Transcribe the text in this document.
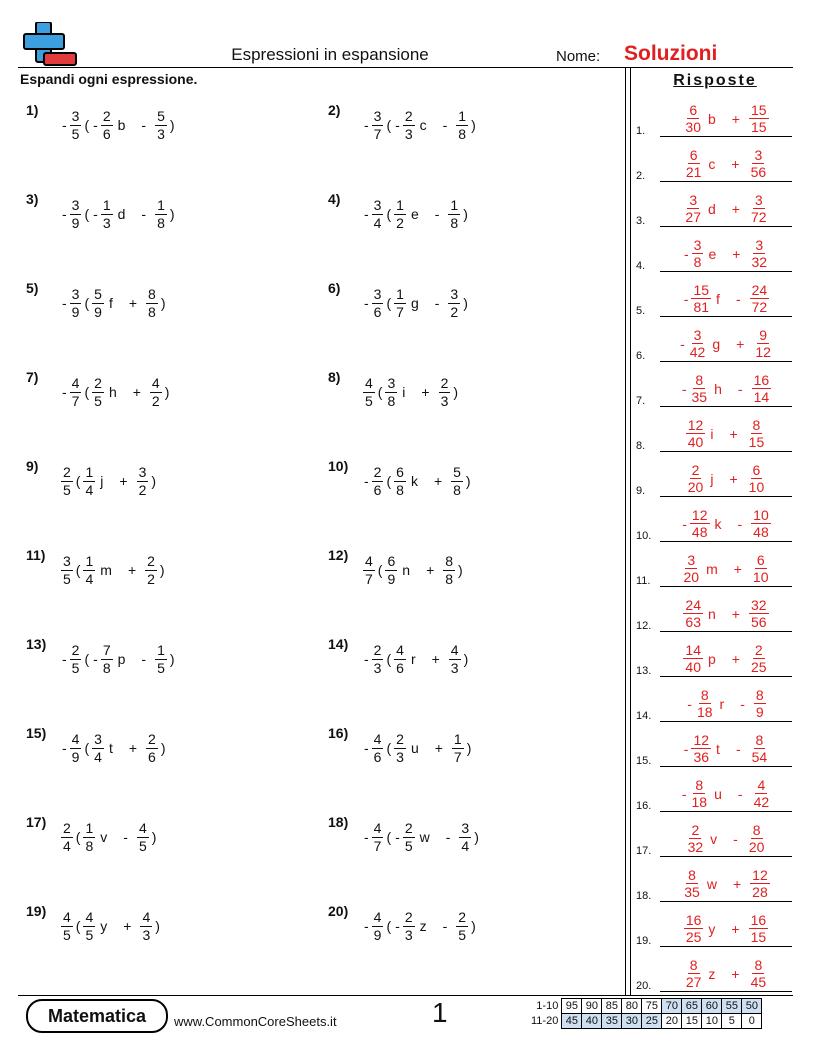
Espressioni in espansione	Nome: Soluzioni
Espandi ogni espressione.	Risposte
1)
- $\frac{3}{5}$ ( - $\frac{2}{6}$ b - $\frac{5}{3}$ )
2)
- $\frac{3}{7}$ ( - $\frac{2}{3}$ c - $\frac{1}{8}$ )
3)
- $\frac{3}{9}$ ( - $\frac{1}{3}$ d - $\frac{1}{8}$ )
4)
- $\frac{3}{4}$ ( $\frac{1}{2}$ e - $\frac{1}{8}$ )
5)
- $\frac{3}{9}$ ( $\frac{5}{9}$ $f + \frac{8}{8}$ )
6)
- $\frac{3}{6}$ ( $\frac{1}{7}$ g - $\frac{3}{2}$ )
7)
- $\frac{4}{7}$ ( $\frac{2}{5}$ $h + \frac{4}{2}$ )
8)	$\frac{4}{5}$ ( $\frac{3}{8}$ $i + \frac{2}{3}$ )
9)	$\frac{2}{5}$ ( $\frac{1}{4}$ $j + \frac{3}{2}$ )
10)
- $\frac{2}{6}$ ( $\frac{6}{8}$ $k + \frac{5}{8}$ )
11)	$\frac{3}{5}$ ( $\frac{1}{4}$ $m + \frac{2}{2}$ )
12)	$\frac{4}{7}$ ( $\frac{6}{9}$ $n + \frac{8}{8}$ )
13)
- $\frac{2}{5}$ ( - $\frac{7}{8}$ p - $\frac{1}{5}$ )
14)
- $\frac{2}{3}$ ( $\frac{4}{6}$ $r + \frac{4}{3}$ )
15)
- $\frac{4}{9}$ ( $\frac{3}{4}$ $t + \frac{2}{6}$ )
16)
- $\frac{4}{6}$ ( $\frac{2}{3}$ $u + \frac{1}{7}$ )
17)	$\frac{2}{4}$ ( $\frac{1}{8}$ v - $\frac{4}{5}$ )
18)
- $\frac{4}{7}$ ( - $\frac{2}{5}$ w - $\frac{3}{4}$ )
19)	$\frac{4}{5}$ ( $\frac{4}{5}$ $y + \frac{4}{3}$ )
20)
- $\frac{4}{9}$ ( - $\frac{2}{3}$ z - $\frac{2}{5}$ )
1.	$\frac{6}{30}$ $b + \frac{15}{15}$
2.	$\frac{6}{21}$ $c + \frac{3}{56}$
3.	$\frac{3}{27}$ $d + \frac{3}{72}$
4.
- $\frac{3}{8}$ $e + \frac{3}{32}$
5.
- $\frac{15}{81}$ f - $\frac{24}{72}$
6.
- $\frac{3}{42}$ $g + \frac{9}{12}$
7.
- $\frac{8}{35}$ h - $\frac{16}{14}$
8.	$\frac{12}{40}$ $i + \frac{8}{15}$
9.	$\frac{2}{20}$ $j + \frac{6}{10}$
10.
- $\frac{12}{48}$ k - $\frac{10}{48}$
11. $\frac{3}{20}$ $m + \frac{6}{10}$
12. $\frac{24}{63}$ $n + \frac{32}{56}$
13. $\frac{14}{40}$ $p + \frac{2}{25}$
14.
- $\frac{8}{18}$ r - $\frac{8}{9}$
15.
- $\frac{12}{36}$ t - $\frac{8}{54}$
16.
- $\frac{8}{18}$ u - $\frac{4}{42}$
17. $\frac{2}{32}$ v - $\frac{8}{20}$
18. $\frac{8}{35}$ $w + \frac{12}{28}$
19. $\frac{16}{25}$ $y + \frac{16}{15}$
20. $\frac{8}{27}$ $z + \frac{8}{45}$
Matematica	www.CommonCoreSheets.it	1	1-10	95	90	85	80	75	70	65	60	55	50
11-20	45	40	35	30	25	20	15	10	5	0
